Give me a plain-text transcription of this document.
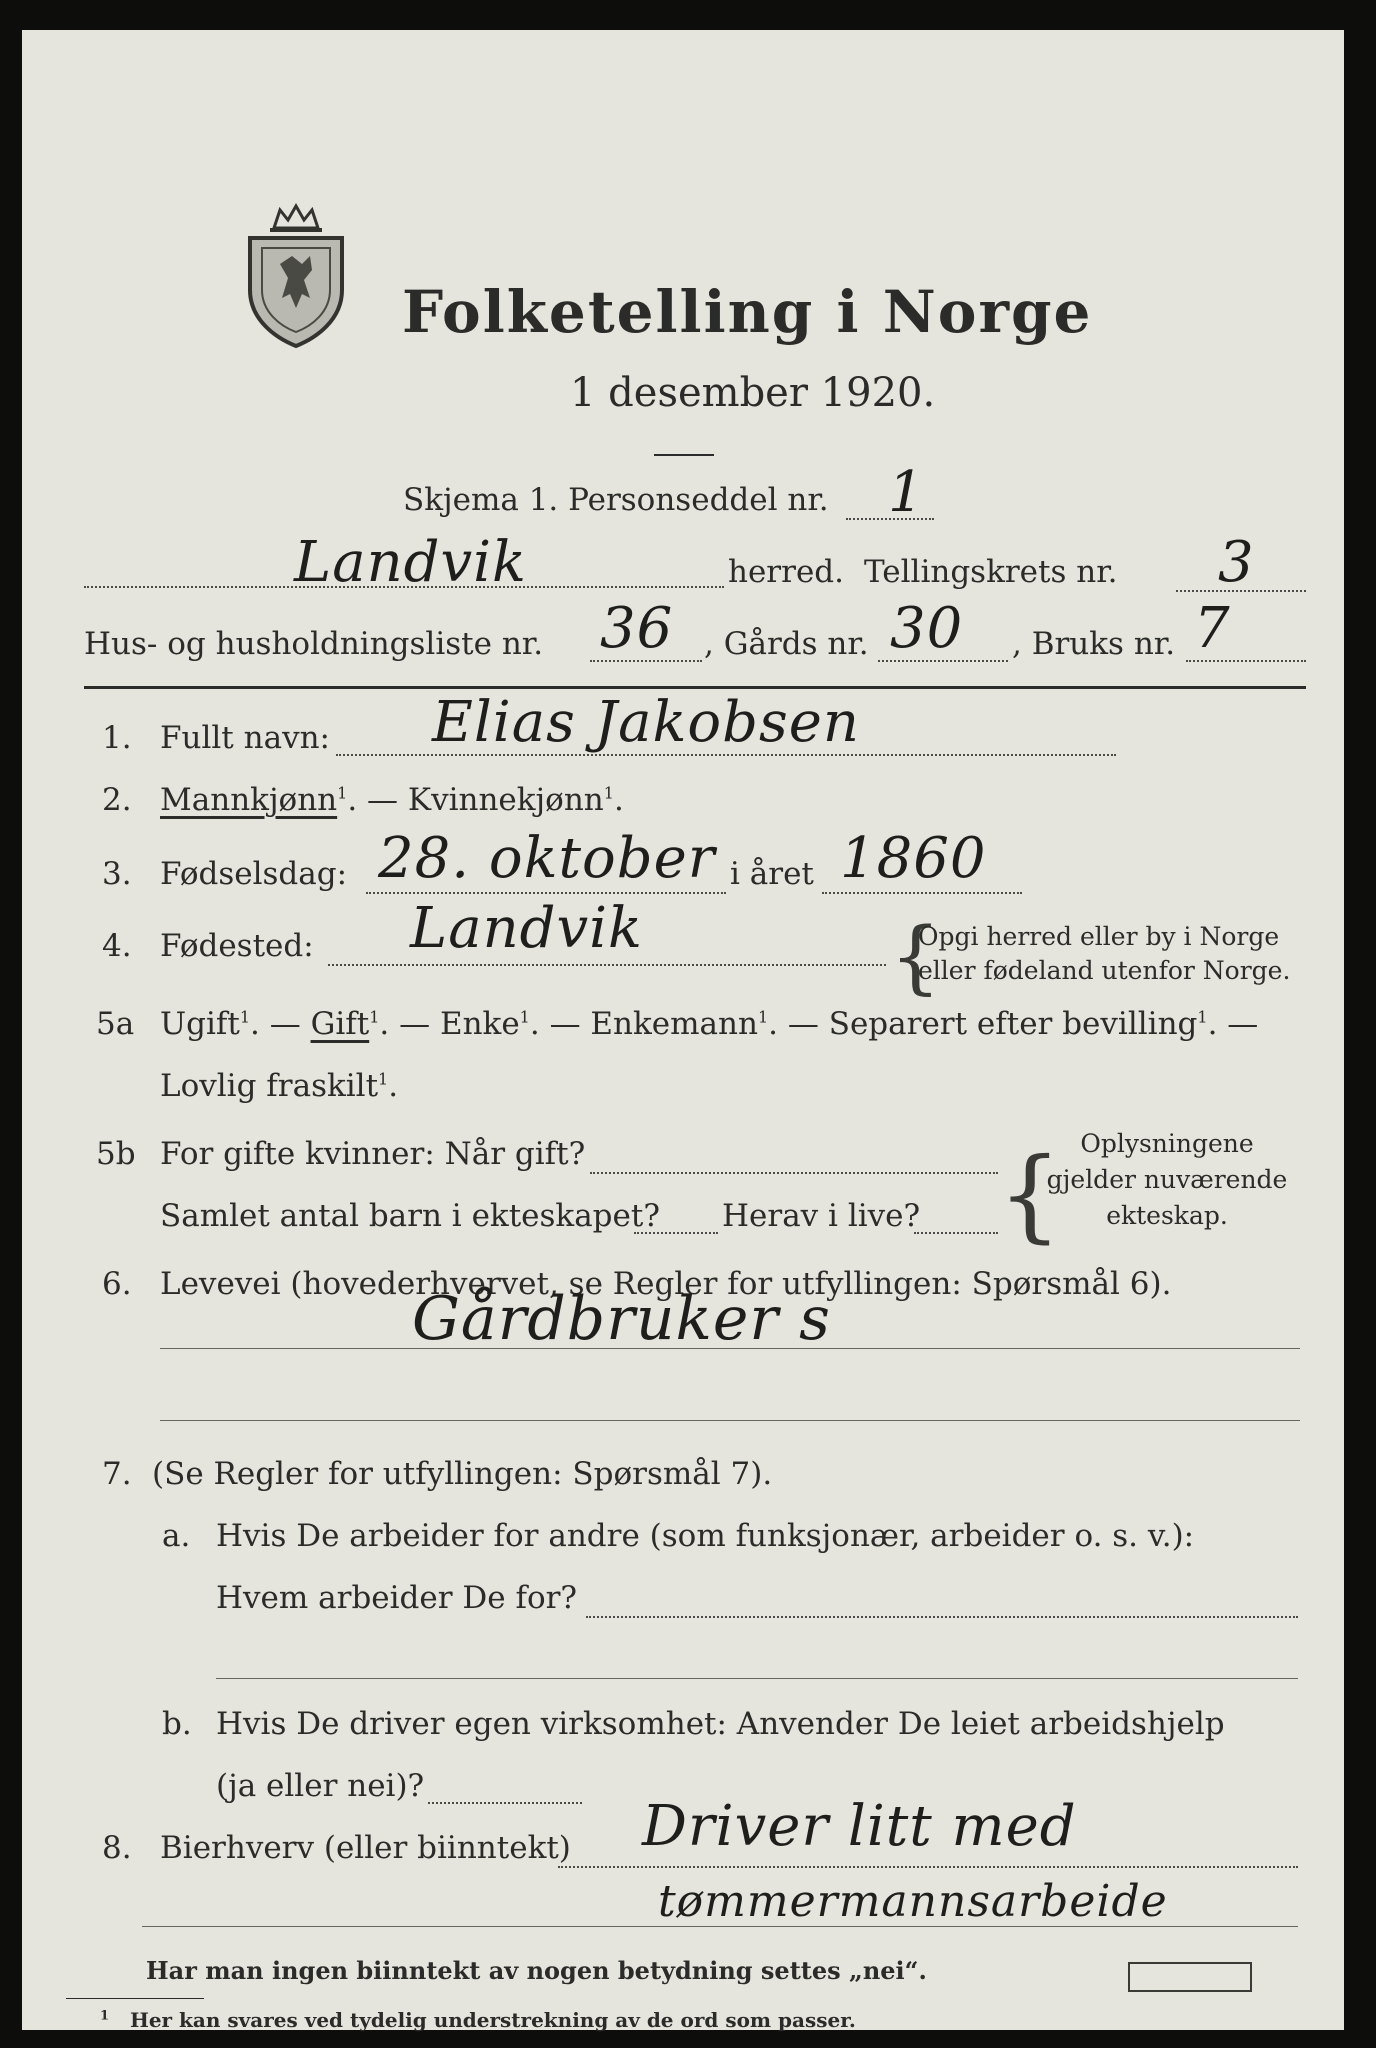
Folketelling i Norge
1 desember 1920.
Skjema 1. Personseddel nr. 1
Landvik	herred. Tellingskrets nr. 3
Hus- og husholdningsliste nr. 36 , Gårds nr. 30 , Bruks nr. 7
1. Fullt navn: Elias Jakobsen
2. Mannkjønn$^1$. — Kvinnekjønn$^1$.
3. Fødselsdag: 28. oktober i året 1860
4. Fødested: Landvik	{
Opgi herred eller by i Norge eller fødeland utenfor Norge.
5a Ugift$^1$. — Gift$^1$. — Enke$^1$. — Enkemann$^1$. — Separert efter bevilling$^1$. —
Lovlig fraskilt$^1$.
5b For gifte kvinner: Når gift?
Samlet antal barn i ekteskapet? Herav i live? { Oplysningene gjelder nuværende ekteskap.
6. Levevei (hovederhvervet, se Regler for utfyllingen: Spørsmål 6).
Gårdbruker s
7. (Se Regler for utfyllingen: Spørsmål 7).
a. Hvis De arbeider for andre (som funksjonær, arbeider o. s. v.):
Hvem arbeider De for?
b. Hvis De driver egen virksomhet: Anvender De leiet arbeidshjelp
(ja eller nei)?
8. Bierhverv (eller biinntekt) Driver litt med
tømmermannsarbeide
Har man ingen biinntekt av nogen betydning settes „nei“.
$^1$ Her kan svares ved tydelig understrekning av de ord som passer.
